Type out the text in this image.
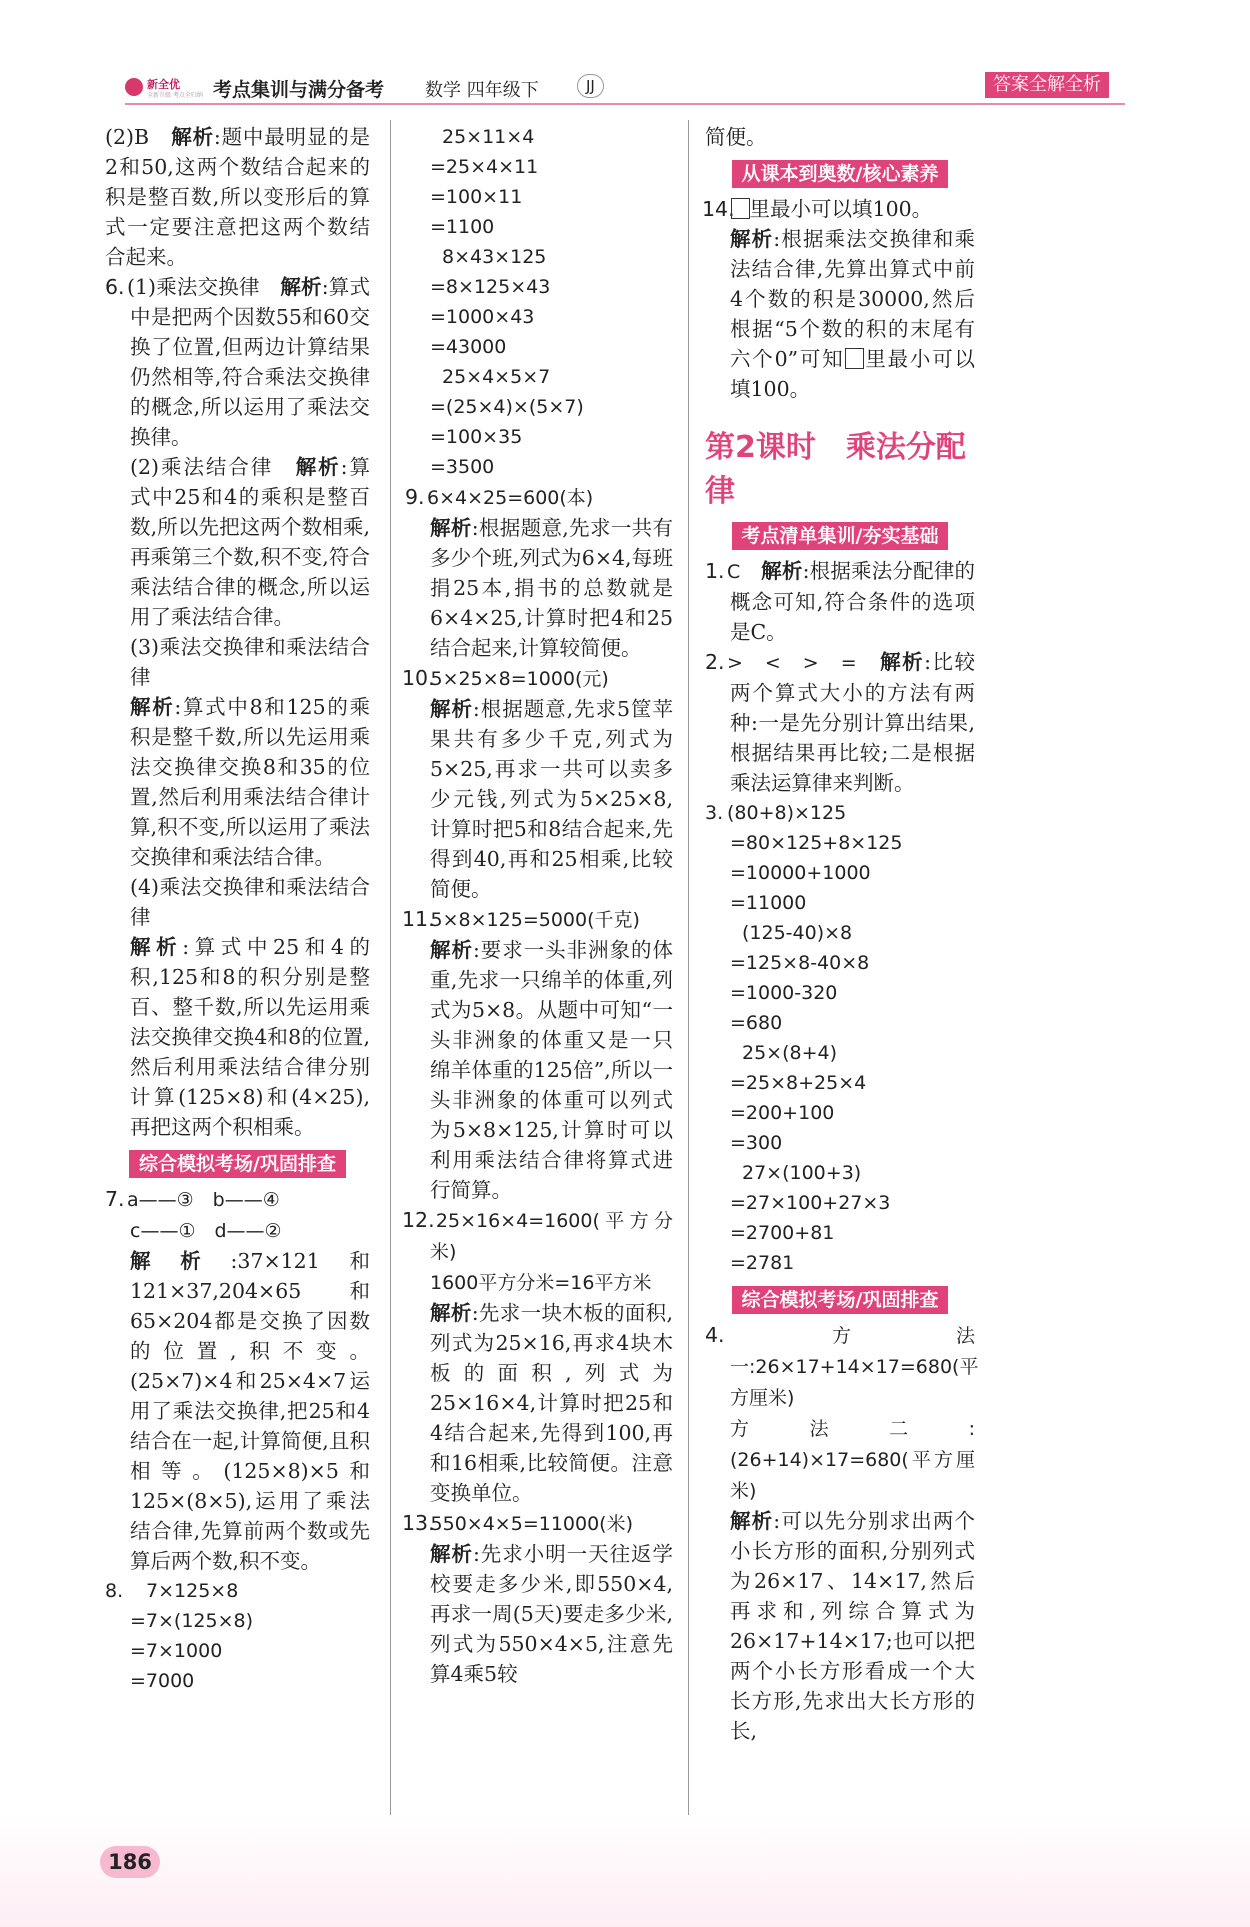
新全优
全新升级 考点全归纳 考点集训与满分备考 数学 四年级下	JJ	答案全解全析

(2)B　 解析:题中最明显的是2和50,这两个数结合起来的积是整百数,所以变形后的算式一定要注意把这两个数结合起来。

6. (1)乘法交换律　 解析:算式中是把两个因数55和60交换了位置,但两边计算结果仍然相等,符合乘法交换律的概念,所以运用了乘法交换律。

(2)乘法结合律　 解析:算式中25和4的乘积是整百数,所以先把这两个数相乘,再乘第三个数,积不变,符合乘法结合律的概念,所以运用了乘法结合律。

(3)乘法交换律和乘法结合律
解析:算式中8和125的乘积是整千数,所以先运用乘法交换律交换8和35的位置,然后利用乘法结合律计算,积不变,所以运用了乘法交换律和乘法结合律。

(4)乘法交换律和乘法结合律
解析:算式中25和4的积,125和8的积分别是整百、整千数,所以先运用乘法交换律交换4和8的位置,然后利用乘法结合律分别计算(125×8)和(4×25),再把这两个积相乘。

综合模拟考场/巩固排查

7. a——③　b——④
c——①　d——②
解析:37×121和121×37,204×65和65×204都是交换了因数的位置,积不变。(25×7)×4和25×4×7运用了乘法交换律,把25和4结合在一起,计算简便,且积相等。(125×8)×5和125×(8×5),运用了乘法结合律,先算前两个数或先算后两个数,积不变。

8.　 7×125×8

=7×(125×8)

=7×1000

=7000

25×11×4

=25×4×11

=100×11

=1100

8×43×125

=8×125×43

=1000×43

=43000

25×4×5×7

=(25×4)×(5×7)

=100×35

=3500

9. 6×4×25=600(本)
解析:根据题意,先求一共有多少个班,列式为6×4,每班捐25本,捐书的总数就是6×4×25,计算时把4和25结合起来,计算较简便。

10. 5×25×8=1000(元)
解析:根据题意,先求5筐苹果共有多少千克,列式为5×25,再求一共可以卖多少元钱,列式为5×25×8,计算时把5和8结合起来,先得到40,再和25相乘,比较简便。

11. 5×8×125=5000(千克)
解析:要求一头非洲象的体重,先求一只绵羊的体重,列式为5×8。从题中可知“一头非洲象的体重又是一只绵羊体重的125倍”,所以一头非洲象的体重可以列式为5×8×125,计算时可以利用乘法结合律将算式进行简算。

12. 25×16×4=1600(平方分米)
1600平方分米=16平方米
解析:先求一块木板的面积,列式为25×16,再求4块木板的面积,列式为25×16×4,计算时把25和4结合起来,先得到100,再和16相乘,比较简便。注意变换单位。

13. 550×4×5=11000(米)
解析:先求小明一天往返学校要走多少米,即550×4,再求一周(5天)要走多少米,列式为550×4×5,注意先算4乘5较

简便。

从课本到奥数/核心素养

14. 里最小可以填100。
解析:根据乘法交换律和乘法结合律,先算出算式中前4个数的积是30000,然后根据“5个数的积的末尾有六个0”可知 里最小可以填100。

第2课时　乘法分配律
考点清单集训/夯实基础

1. C　 解析:根据乘法分配律的概念可知,符合条件的选项是C。

2. >　<　>　=　 解析:比较两个算式大小的方法有两种:一是先分别计算出结果,根据结果再比较;二是根据乘法运算律来判断。

3. (80+8)×125

=80×125+8×125

=10000+1000

=11000

(125-40)×8

=125×8-40×8

=1000-320

=680

25×(8+4)

=25×8+25×4

=200+100

=300

27×(100+3)

=27×100+27×3

=2700+81

=2781

综合模拟考场/巩固排查

4. 方法一:26×17+14×17=680(平方厘米)
方法二:(26+14)×17=680(平方厘米)
解析:可以先分别求出两个小长方形的面积,分别列式为26×17、14×17,然后再求和,列综合算式为26×17+14×17;也可以把两个小长方形看成一个大长方形,先求出大长方形的长,

186
